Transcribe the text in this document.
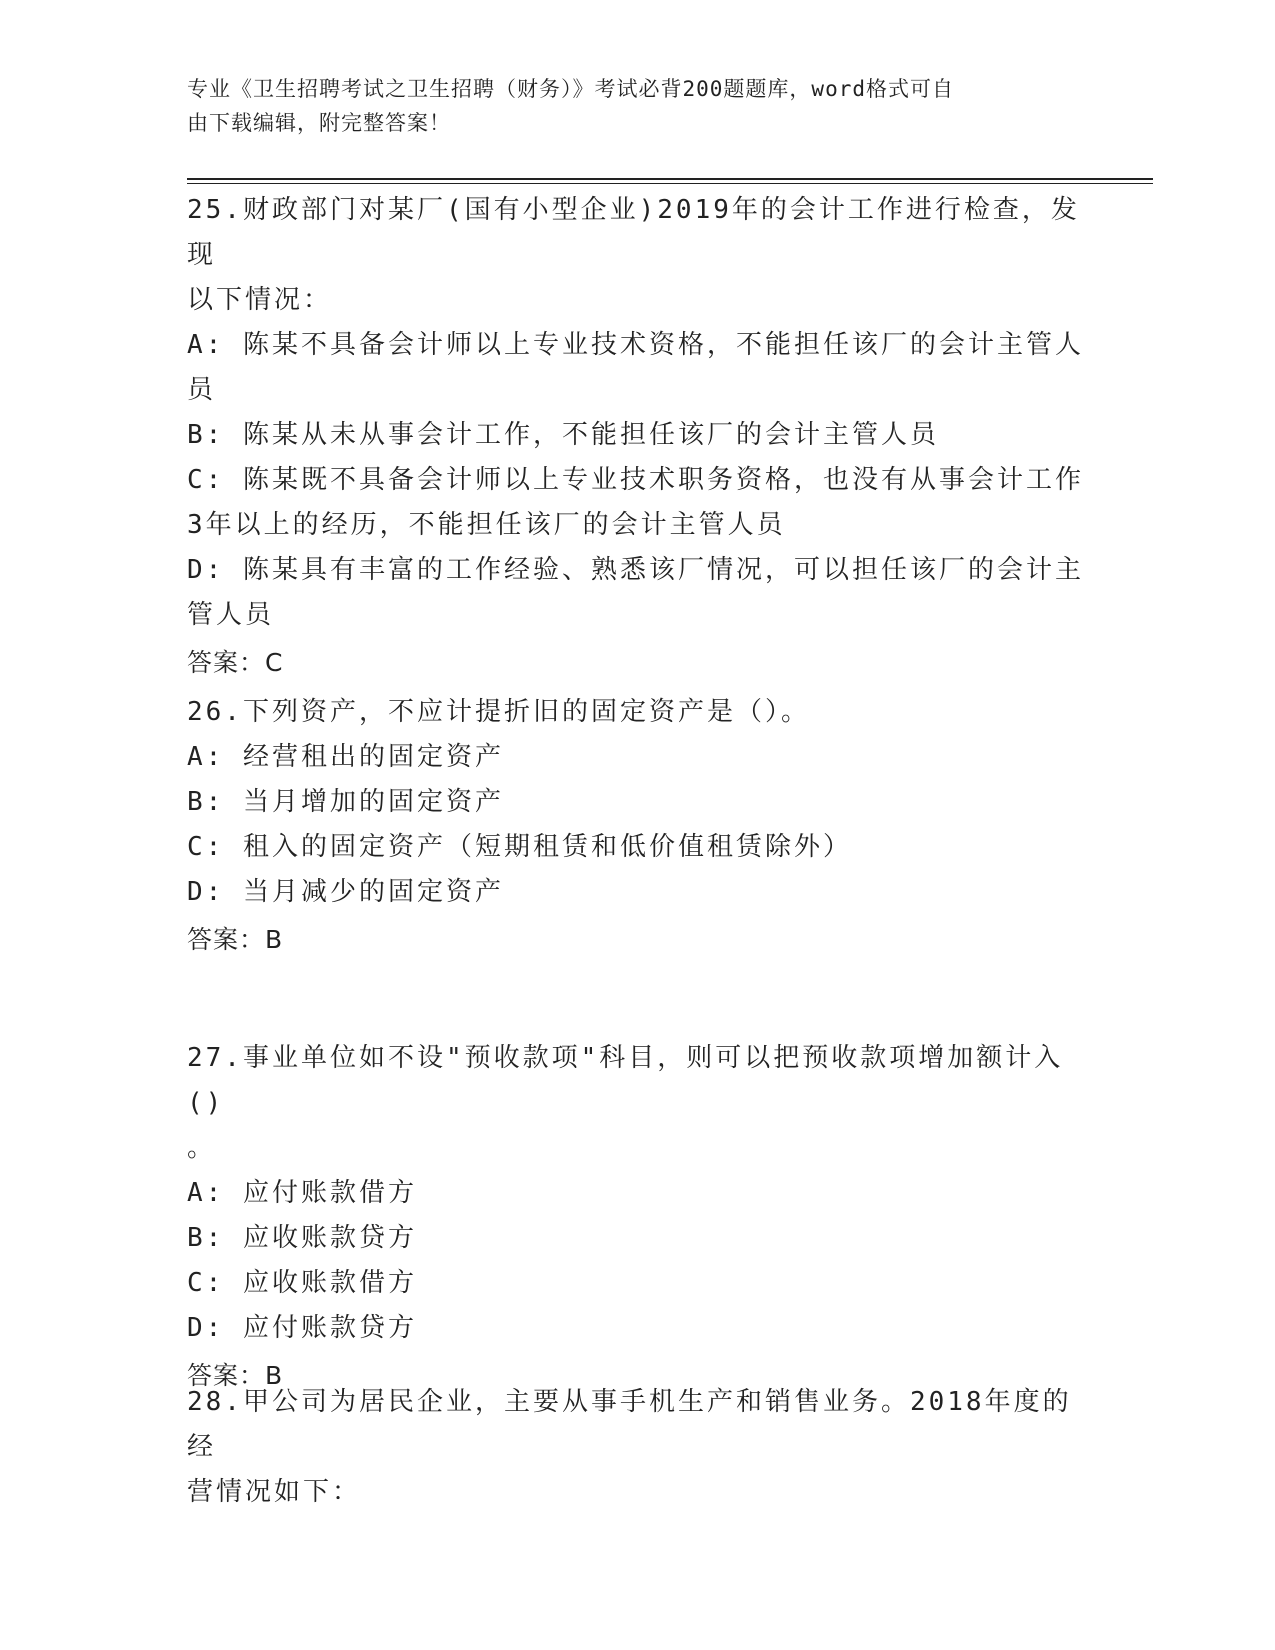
专业《卫生招聘考试之卫生招聘（财务）》考试必背200题题库，word格式可自
由下载编辑，附完整答案！
25.财政部门对某厂(国有小型企业)2019年的会计工作进行检查，发现
以下情况：
A: 陈某不具备会计师以上专业技术资格，不能担任该厂的会计主管人
员
B: 陈某从未从事会计工作，不能担任该厂的会计主管人员
C: 陈某既不具备会计师以上专业技术职务资格，也没有从事会计工作
3年以上的经历，不能担任该厂的会计主管人员
D: 陈某具有丰富的工作经验、熟悉该厂情况，可以担任该厂的会计主
管人员
答案：C
26.下列资产，不应计提折旧的固定资产是（）。
A: 经营租出的固定资产
B: 当月增加的固定资产
C: 租入的固定资产（短期租赁和低价值租赁除外）
D: 当月减少的固定资产
答案：B
27.事业单位如不设"预收款项"科目，则可以把预收款项增加额计入()
。
A: 应付账款借方
B: 应收账款贷方
C: 应收账款借方
D: 应付账款贷方
答案：B
28.甲公司为居民企业，主要从事手机生产和销售业务。2018年度的经
营情况如下：
